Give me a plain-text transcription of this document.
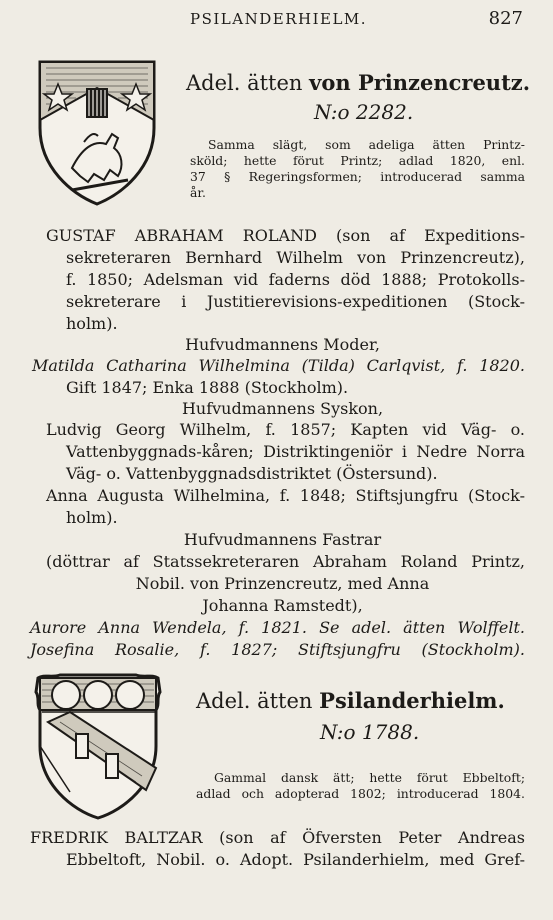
PSILANDERHIELM.	827
Adel. ätten von Prinzencreutz.
N:o 2282.
Samma slägt, som adeliga ätten Printz-
sköld; hette förut Printz; adlad 1820, enl.
37 § Regeringsformen; introducerad samma
år.
GUSTAF ABRAHAM ROLAND (son af Expeditions-
sekreteraren Bernhard Wilhelm von Prinzencreutz),
f. 1850; Adelsman vid faderns död 1888; Protokolls-
sekreterare i Justitierevisions-expeditionen (Stock-
holm).
Hufvudmannens Moder,
Matilda Catharina Wilhelmina (Tilda) Carlqvist, f. 1820.
Gift 1847; Enka 1888 (Stockholm).
Hufvudmannens Syskon,
Ludvig Georg Wilhelm, f. 1857; Kapten vid Väg- o.
Vattenbyggnads-kåren; Distriktingeniör i Nedre Norra
Väg- o. Vattenbyggnadsdistriktet (Östersund).
Anna Augusta Wilhelmina, f. 1848; Stiftsjungfru (Stock-
holm).
Hufvudmannens Fastrar
(döttrar af Statssekreteraren Abraham Roland Printz,
Nobil. von Prinzencreutz, med Anna
Johanna Ramstedt),
Aurore Anna Wendela, f. 1821. Se adel. ätten Wolffelt.
Josefina Rosalie, f. 1827; Stiftsjungfru (Stockholm).
Adel. ätten Psilanderhielm.
N:o 1788.
Gammal dansk ätt; hette förut Ebbeltoft;
adlad och adopterad 1802; introducerad 1804.
FREDRIK BALTZAR (son af Öfversten Peter Andreas
Ebbeltoft, Nobil. o. Adopt. Psilanderhielm, med Gref-
